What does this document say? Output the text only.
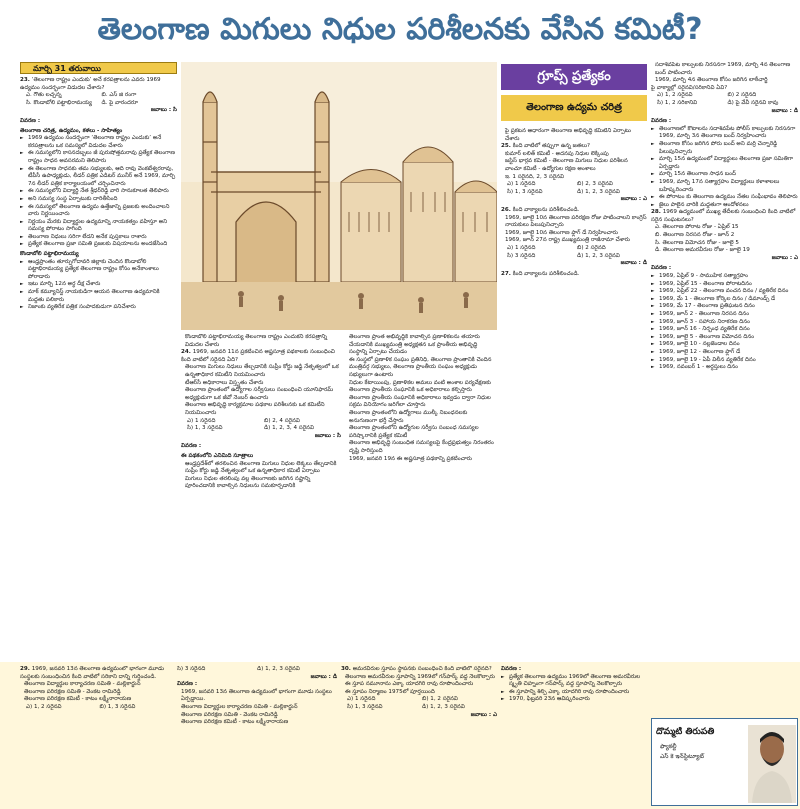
తెలంగాణ మిగులు నిధుల పరిశీలనకు వేసిన కమిటీ?
మార్చి 31 తరువాయి
23. ‘తెలంగాణ రాష్ట్రం ఎందుకు’ అనే కరపత్రాలను ఎవరు 1969 ఉద్యమం సందర్భంగా విడుదల చేశారు?
ఎ. గౌతు లచ్చన్న	బి. ఎస్ జి రంగా
సి. కొండాబోలి పట్టాభిరామయ్య	డి. పై వారందరూ
జవాబు : సి
వివరణ :
తెలంగాణ చరిత్ర, ఉద్యమం, కళలు - సాహిత్యం
► 1969 ఉద్యమం సందర్భంగా ‘తెలంగాణ రాష్ట్రం ఎందుకు’ అనే కరపత్రాలను ఒక సమస్యలో విడుదల చేశారు
► ఈ సమస్యలోని కాసనదబ్బలు జీ పురుషోత్తమరావు ప్రత్యేక తెలంగాణ రాష్ట్రం సాధన అవసరమని తెలిపారు
► ఈ తెలంగాణ సాధనకు తమ సభ్యులకు, ఆది రావు వెంకటేశ్వరరావు, టీపీసీ ఉపాధ్యక్షుడు, లీడర్ పత్రిక ఎడిటర్ మునీర్ అనే 1969, మార్చి 7న లీడర్ పత్రిక కార్యాలయంలో చర్చించినారు
► ఈ సమస్యలోని విద్యార్థి నేత శ్రీధర్‌రెడ్డి వారి సానుకూలత తెలిపారు
► అని సమస్య సంస్థ ఏర్పాటుకు దారితీసింది
► ఈ సమస్యలో తెలంగాణ ఉద్యమ ఉత్తేజాన్ని ప్రజలకు అందించాలని వారు నిర్ణయించారు
► నిర్ణయం మేరకు విద్యార్థుల ఉద్యమాన్ని నాయకత్వం వహిస్తూ అని సమస్య పోరాటం సాగింది
► తెలంగాణ నిధులు సరిగా లేదని అనేక పుస్తకాలు రాశారు
► ప్రత్యేక తెలంగాణ ప్రజా సమితి ప్రజలకు విషయాలను అందజేసింది
కొండాబోలి పట్టాభిరామయ్య
► ఆంధ్రప్రాంతం తూర్పుగోదావరి జిల్లాకు చెందిన కొండాబోలి పట్టాభిరామయ్య ప్రత్యేక తెలంగాణ రాష్ట్రం కోసం అనేకాంశాలు పోరాడారు
► ఇటు మార్చి 12న అర్ధ దీక్ష చేశారు
► మాక్ కమ్యూనిస్ట్ నాయకుడిగా ఆయన తెలంగాణ ఉద్యమానికి మద్దతు పలికారు
► నిజాంకు వ్యతిరేక పత్రిక సంపాదకుడుగా పనిచేశారు
గ్రూప్స్ ప్రత్యేకం
తెలంగాణ ఉద్యమ చరిత్ర
కొండాబోలి పట్టాభిరామయ్య తెలంగాణ రాష్ట్రం ఎందుకని కరపత్రాన్ని విడుదల చేశారు
24. 1969, జనవరి 11న ప్రకటించిన అష్టసూత్ర పథకాలకు సంబంధించి కింది వాటిలో సరైనది ఏది?
తెలంగాణ మిగులు నిధులు తేల్చడానికి సుప్రీం కోర్టు జడ్జి నేతృత్వంలో ఒక ఉన్నతాధికార కమిటీని నియమించారు
టీఆర్‌సీ అధికారాలు విస్తృతం చేశారు
తెలంగాణ ప్రాంతంలో ఉద్యోగాల సర్వీసులు సంబంధించి యూనిఫారమ్ అధ్యక్షుడుగా ఒక జీవో నెంబర్ ఉంచారు
తెలంగాణ అభివృద్ధి కార్యక్రమాల పథకాల పరిశీలనకు ఒక కమిటీని నియమించారు
ఎ) 1 సరైనది	బి) 2, 4 సరైనవి
సి) 1, 3 సరైనవి	డి) 1, 2, 3, 4 సరైనవి
జవాబు : సి
వివరణ :
ఈ పథకంలోని ఎనిమిది సూత్రాలు
ఆంధ్రప్రదేశ్‌లో తరలించిన తెలంగాణ మిగులు నిధుల లెక్కలు తేల్చడానికి సుప్రీం కోర్టు జడ్జి నేతృత్వంలో ఒక ఉన్నతాధికార కమిటీ ఏర్పాటు
మిగులు నిధుల తరలింపు వల్ల తెలంగాణకు జరిగిన నష్టాన్ని పూరించడానికి కావాల్సిన నిధులను సమకూర్చడానికి
తెలంగాణ ప్రాంత అభివృద్ధికి కావాల్సిన ప్రణాళికలను తయారు చేయడానికి ముఖ్యమంత్రి అధ్యక్షతన ఒక ప్రాంతీయ అభివృద్ధి సంస్థాన్ని ఏర్పాటు చేయడం
ఈ సంస్థలో ప్రణాళిక సంఘం ప్రతినిధి, తెలంగాణ ప్రాంతానికి చెందిన మంత్రివర్గ సభ్యులు, తెలంగాణ ప్రాంతీయ సంఘం అధ్యక్షుడు సభ్యులుగా ఉంటారు
నిధుల కేటాయింపు, ప్రణాళికల అమలు వంటి అంశాల పర్యవేక్షణకు తెలంగాణ ప్రాంతీయ సంఘానికి ఒక అధికారాలు కల్పిస్తారు
తెలంగాణ ప్రాంతీయ సంఘానికి అధికారాలు ఇవ్వడం ద్వారా నిధుల సక్రమ వినియోగం జరిగేలా చూస్తారు
తెలంగాణ ప్రాంతంలోని ఉద్యోగాలు ముల్కీ నిబంధనలకు అనుగుణంగా భర్తీ చేస్తారు
తెలంగాణ ప్రాంతంలోని ఉద్యోగుల సర్వీసు సంబంధ సమస్యల పరిష్కారానికి ప్రత్యేక కమిటీ
తెలంగాణ అభివృద్ధి సంబంధిత సమస్యలపై కేంద్రప్రభుత్వం నిరంతరం దృష్టి సారిస్తుంది
1969, జనవరి 19న ఈ అష్టసూత్ర పథకాన్ని ప్రకటించారు
పై ప్రకటన ఆధారంగా తెలంగాణ అభివృద్ధి కమిటీని ఏర్పాటు చేశారు
25. కింది వాటిలో తప్పుగా ఉన్న జతలు?
కుమార్ లలిత్ కమిటీ - అదనపు నిధుల లెక్కింపు
జస్టిస్ భార్గవ కమిటీ - తెలంగాణ మిగులు నిధుల పరిశీలన
వాంచూ కమిటీ - ఉద్యోగుల రక్షణ అంశాలు
ఇ. 1 సరైనది, 2, 3 సరైనవి
ఎ) 1 సరైనది	బి) 2, 3 సరైనవి
సి) 1, 3 సరైనవి	డి) 1, 2, 3 సరైనవి
జవాబు : ఎ
26. కింది వాక్యాలను పరిశీలించండి.
1969, జూలై 10న తెలంగాణ పరిరక్షణ రోజు పాటించాలని కాంగ్రెస్ నాయకులు పిలుపునిచ్చారు
1969, జూలై 10న తెలంగాణ ఫ్లాగ్ డే నిర్వహించారు
1969, జూన్ 27న రాష్ట్ర ముఖ్యమంత్రి రాజీనామా చేశారు
ఎ) 1 సరైనది	బి) 2 సరైనది
సి) 3 సరైనది	డి) 1, 2, 3 సరైనవి
జవాబు : డి
27. కింది వాక్యాలను పరిశీలించండి.
సదాశివపేట కాల్పులకు నిరసనగా 1969, మార్చి 4న తెలంగాణ బంద్ పాటించారు
1969, మార్చి 4న తెలంగాణ కోసం జరిగిన లాఠీచార్జి
పై వాక్యాల్లో సరైనవి/సరికానివి ఏవి?
ఎ) 1, 2 సరైనవి	బి) 2 సరైనది
సి) 1, 2 సరికానివి	డి) పై వేవీ సరైనవి కావు
జవాబు : డి
వివరణ :
► తెలంగాణలో కొటాలను సదాశివపేట పోలీస్ కాల్పులకు నిరసనగా 1969, మార్చి 3న తెలంగాణ బంద్ నిర్వహించారు
► తెలంగాణ కోసం జరిగిన పోరు బంద్ అని మర్రి చెన్నారెడ్డి పిలుపునిచ్చారు
► మార్చి 15న ఉద్యమంలో విద్యార్థులు తెలంగాణ ప్రజా సమితిగా ఏర్పడ్డారు
► మార్చి 15న తెలంగాణ సాధన బంద్
► 1969, మార్చి 17న సత్యాగ్రహం విద్యార్థులు కళాశాలలు బహిష్కరించారు
► ఈ పోరాటం కు తెలంగాణ ఉద్యమం నేతల సంఘీభావం తెలిపారు
► జైలు పాలైన వారికి మద్దతుగా ఆందోళనలు
28. 1969 ఉద్యమంలో ముఖ్య తేదీలకు సంబంధించి కింది వాటిలో సరైన సంఘటనలు?
ఎ. తెలంగాణ పోరాట రోజు - ఏప్రిల్ 15
బి. తెలంగాణ నిరసన రోజు - జూన్ 2
సి. తెలంగాణ విమోచన రోజు - జూలై 5
డి. తెలంగాణ అమరవీరుల రోజు - జూలై 19
జవాబు : ఎ
వివరణ :
► 1969, ఏప్రిల్ 9 - సాముహిక సత్యాగ్రహం
► 1969, ఏప్రిల్ 15 - తెలంగాణ పోరాటదినం
► 1969, ఏప్రిల్ 22 - తెలంగాణ వంచన దినం / వ్యతిరేక దినం
► 1969, మే 1 - తెలంగాణ కోర్కెల దినం / డిమాండ్స్ డే
► 1969, మే 17 - తెలంగాణ ప్రతిఘటన దినం
► 1969, జూన్ 2 - తెలంగాణ నిరసన దినం
► 1969, జూన్ 3 - సహాయ నిరాకరణ దినం
► 1969, జూన్ 16 - నిర్బంధ వ్యతిరేక దినం
► 1969, జూలై 5 - తెలంగాణ విమోచన దినం
► 1969, జూలై 10 - నల్లజెండాల దినం
► 1969, జూలై 12 - తెలంగాణ ఫ్లాగ్ డే
► 1969, జూలై 19 - ఏపీ విలీన వ్యతిరేక దినం
► 1969, నవంబర్ 1 - అర్ధస్తులు దినం
29. 1969, జనవరి 13న తెలంగాణ ఉద్యమంలో భాగంగా మూడు సంస్థలకు సంబంధించిన కింది వాటిలో సరికాని దాన్ని గుర్తించండి.
తెలంగాణ విద్యార్థుల కార్యాచరణ సమితి - మల్లికార్జున్
తెలంగాణ పరిరక్షణ సమితి - వెంకట రామిరెడ్డి
తెలంగాణ పరిరక్షణ కమిటీ - కాటం లక్ష్మీనారాయణ
ఎ) 1, 2 సరైనవి	బి) 1, 3 సరైనవి
సి) 3 సరైనది	డి) 1, 2, 3 సరైనవి
జవాబు : డి
వివరణ :
1969, జనవరి 13న తెలంగాణ ఉద్యమంలో భాగంగా మూడు సంస్థలు ఏర్పడ్డాయి.
తెలంగాణ విద్యార్థుల కార్యాచరణ సమితి - మల్లికార్జున్
తెలంగాణ పరిరక్షణ సమితి - వెంకట రామిరెడ్డి
తెలంగాణ పరిరక్షణ కమిటీ - కాటం లక్ష్మీనారాయణ
30. అమరవీరుల స్తూపం స్థాపనకు సంబంధించి కింది వాటిలో సరైనది?
తెలంగాణ అమరవీరుల స్తూపాన్ని 1969లో గన్‌పార్క్ వద్ద నెలకొల్పారు
ఈ స్తూప నమూనాను ఎక్కా యాదగిరి రావు రూపొందించారు
ఈ స్తూపం నిర్మాణం 1975లో పూర్తయింది
ఎ) 1 సరైనది	బి) 1, 2 సరైనవి
సి) 1, 3 సరైనవి	డి) 1, 2, 3 సరైనవి
జవాబు : ఎ
వివరణ :
► ప్రత్యేక తెలంగాణ ఉద్యమం 1969లో తెలంగాణ అమరవీరుల స్మృతి చిహ్నంగా గన్‌పార్క్ వద్ద స్తూపాన్ని నెలకొల్పారు
► ఈ స్తూపాన్ని శిల్పి ఎక్కా యాదగిరి రావు రూపొందించారు
► 1970, ఫిబ్రవరి 23న ఆవిష్కరించారు
దొమ్మటి తిరుపతి
ఫ్యాకల్టీ
ఎస్ కె ఇన్‌స్టిట్యూట్
